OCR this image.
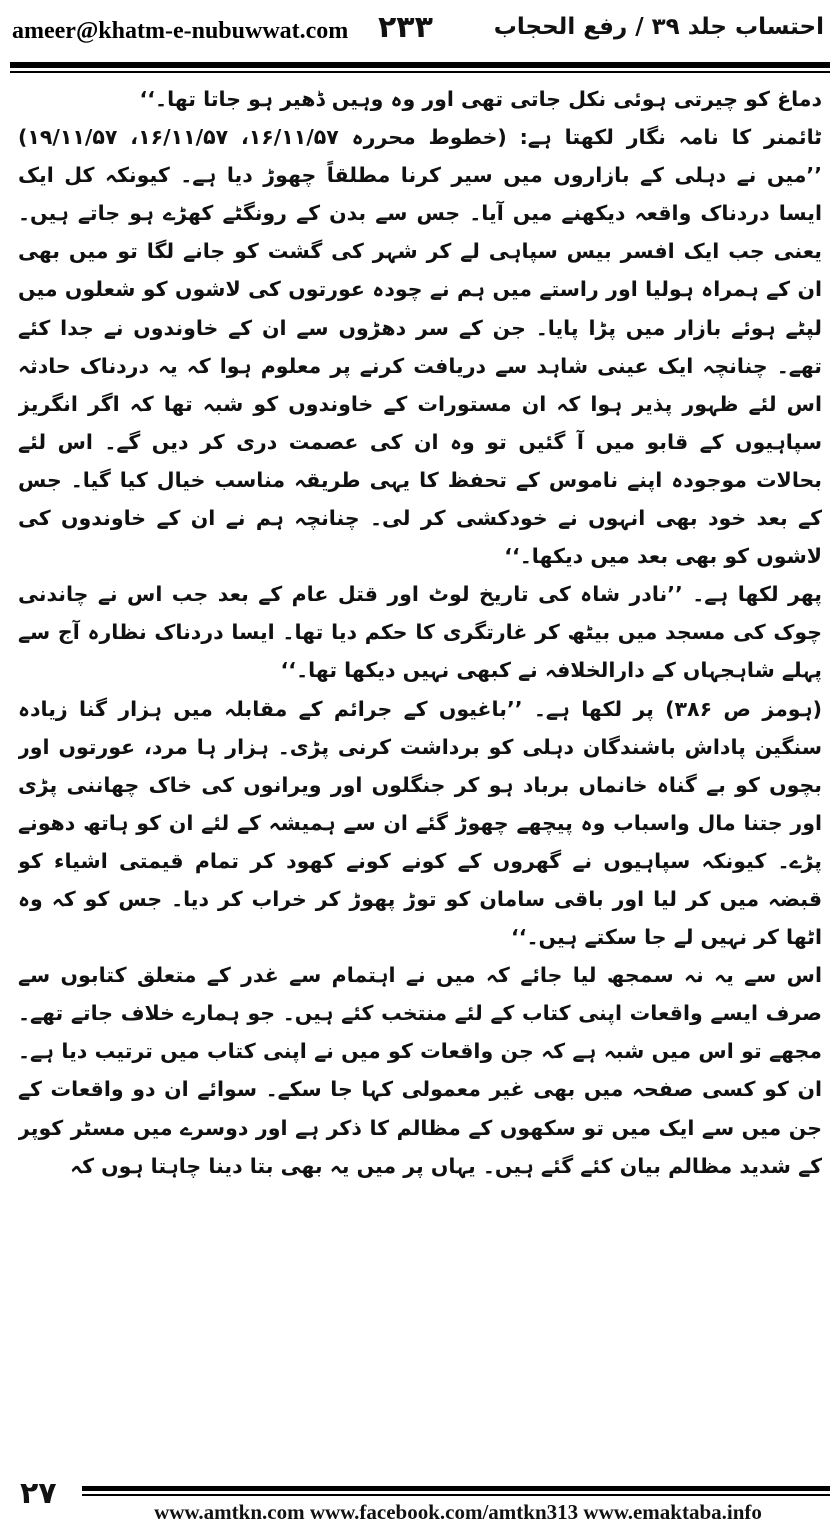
ameer@khatm-e-nubuwwat.com ۲۳۳	احتساب جلد ۳۹ / رفع الحجاب

دماغ کو چیرتی ہوئی نکل جاتی تھی اور وہ وہیں ڈھیر ہو جاتا تھا۔‘‘

ٹائمنر کا نامہ نگار لکھتا ہے: (خطوط محررہ ۱۶/۱۱/۵۷، ۱۶/۱۱/۵۷، ۱۹/۱۱/۵۷) ’’میں نے دہلی کے بازاروں میں سیر کرنا مطلقاً چھوڑ دیا ہے۔ کیونکہ کل ایک ایسا دردناک واقعہ دیکھنے میں آیا۔ جس سے بدن کے رونگٹے کھڑے ہو جاتے ہیں۔ یعنی جب ایک افسر بیس سپاہی لے کر شہر کی گشت کو جانے لگا تو میں بھی ان کے ہمراہ ہولیا اور راستے میں ہم نے چودہ عورتوں کی لاشوں کو شعلوں میں لپٹے ہوئے بازار میں پڑا پایا۔ جن کے سر دھڑوں سے ان کے خاوندوں نے جدا کئے تھے۔ چنانچہ ایک عینی شاہد سے دریافت کرنے پر معلوم ہوا کہ یہ دردناک حادثہ اس لئے ظہور پذیر ہوا کہ ان مستورات کے خاوندوں کو شبہ تھا کہ اگر انگریز سپاہیوں کے قابو میں آ گئیں تو وہ ان کی عصمت دری کر دیں گے۔ اس لئے بحالات موجودہ اپنے ناموس کے تحفظ کا یہی طریقہ مناسب خیال کیا گیا۔ جس کے بعد خود بھی انہوں نے خودکشی کر لی۔ چنانچہ ہم نے ان کے خاوندوں کی لاشوں کو بھی بعد میں دیکھا۔‘‘

پھر لکھا ہے۔ ’’نادر شاہ کی تاریخ لوٹ اور قتل عام کے بعد جب اس نے چاندنی چوک کی مسجد میں بیٹھ کر غارتگری کا حکم دیا تھا۔ ایسا دردناک نظارہ آج سے پہلے شاہجہاں کے دارالخلافہ نے کبھی نہیں دیکھا تھا۔‘‘

(ہومز ص ۳۸۶) پر لکھا ہے۔ ’’باغیوں کے جرائم کے مقابلہ میں ہزار گنا زیادہ سنگین پاداش باشندگان دہلی کو برداشت کرنی پڑی۔ ہزار ہا مرد، عورتوں اور بچوں کو بے گناہ خانماں برباد ہو کر جنگلوں اور ویرانوں کی خاک چھاننی پڑی اور جتنا مال واسباب وہ پیچھے چھوڑ گئے ان سے ہمیشہ کے لئے ان کو ہاتھ دھونے پڑے۔ کیونکہ سپاہیوں نے گھروں کے کونے کونے کھود کر تمام قیمتی اشیاء کو قبضہ میں کر لیا اور باقی سامان کو توڑ پھوڑ کر خراب کر دیا۔ جس کو کہ وہ اٹھا کر نہیں لے جا سکتے ہیں۔‘‘

اس سے یہ نہ سمجھ لیا جائے کہ میں نے اہتمام سے غدر کے متعلق کتابوں سے صرف ایسے واقعات اپنی کتاب کے لئے منتخب کئے ہیں۔ جو ہمارے خلاف جاتے تھے۔ مجھے تو اس میں شبہ ہے کہ جن واقعات کو میں نے اپنی کتاب میں ترتیب دیا ہے۔ ان کو کسی صفحہ میں بھی غیر معمولی کہا جا سکے۔ سوائے ان دو واقعات کے جن میں سے ایک میں تو سکھوں کے مظالم کا ذکر ہے اور دوسرے میں مسٹر کوپر کے شدید مظالم بیان کئے گئے ہیں۔ یہاں پر میں یہ بھی بتا دینا چاہتا ہوں کہ

۲۷
www.amtkn.com www.facebook.com/amtkn313 www.emaktaba.info
